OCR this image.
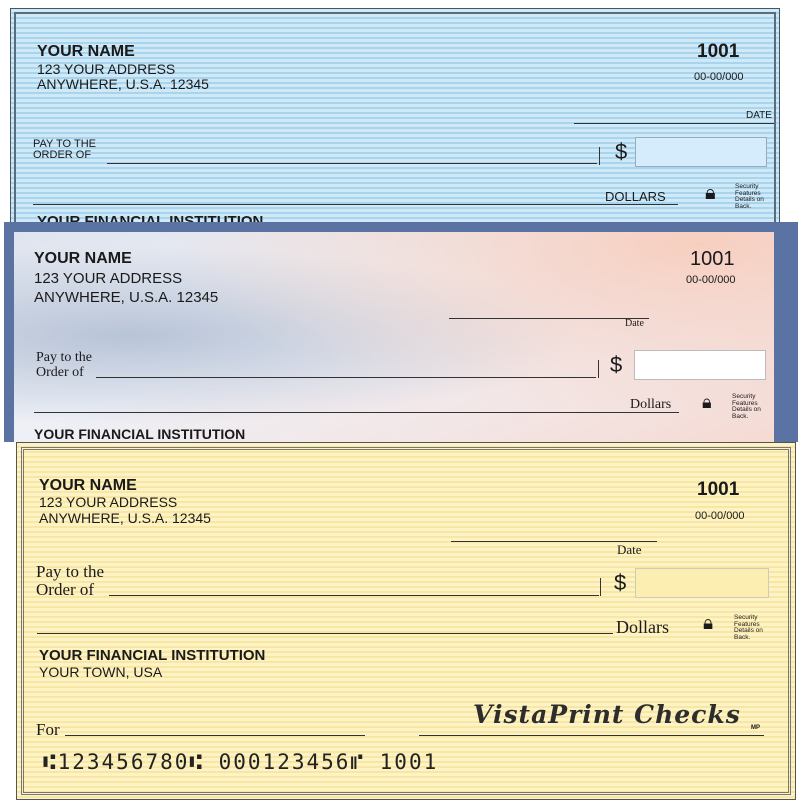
YOUR NAME
123 YOUR ADDRESS
ANYWHERE, U.S.A. 12345
1001
00-00/000
DATE
PAY TO THE
ORDER OF	$
DOLLARS 🔒︎	Security Features Details on Back.
YOUR NAME
123 YOUR ADDRESS
ANYWHERE, U.S.A. 12345
1001
00-00/000
Date
Pay to the
Order of	$
Dollars 🔒︎	Security Features Details on Back.
YOUR FINANCIAL INSTITUTION
YOUR NAME
123 YOUR ADDRESS
ANYWHERE, U.S.A. 12345
1001
00-00/000
Date
Pay to the
Order of	$
Dollars 🔒︎	Security Features Details on Back.
YOUR FINANCIAL INSTITUTION
YOUR TOWN, USA
For
VistaPrint Checks MP
⑆123456780⑆ 000123456⑈ 1001
